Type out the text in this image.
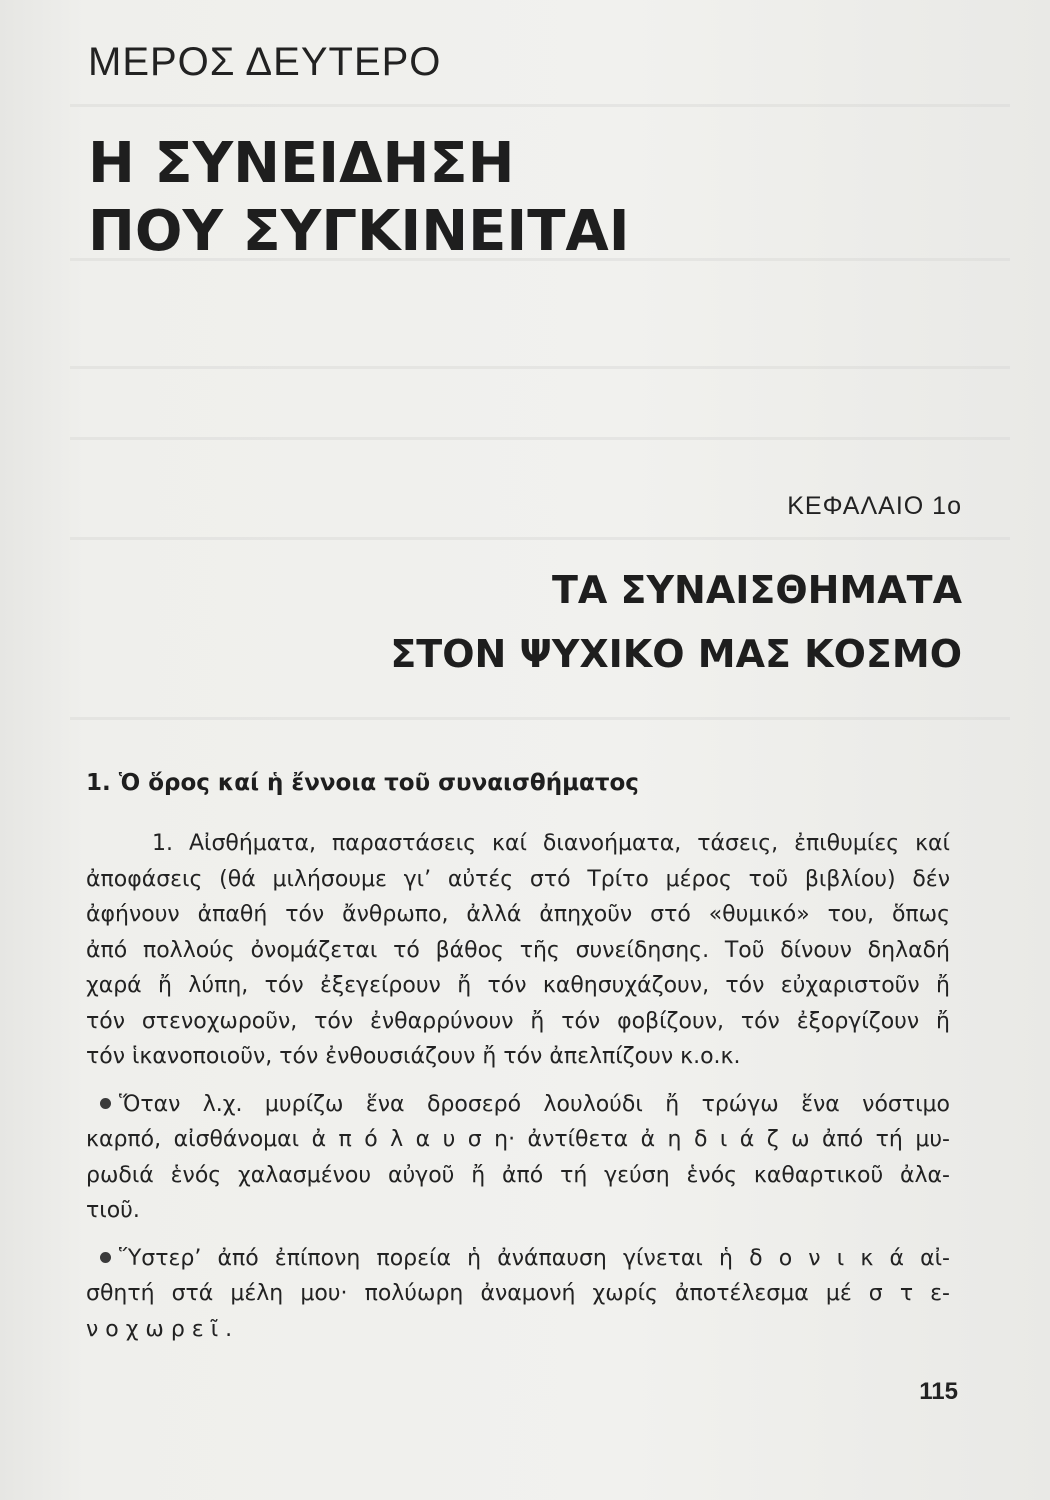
ΜΕΡΟΣ ΔΕΥΤΕΡΟ
Η ΣΥΝΕΙΔΗΣΗ
ΠΟΥ ΣΥΓΚΙΝΕΙΤΑΙ
ΚΕΦΑΛΑΙΟ 1ο
ΤΑ ΣΥΝΑΙΣΘΗΜΑΤΑ
ΣΤΟΝ ΨΥΧΙΚΟ ΜΑΣ ΚΟΣΜΟ
1. Ὁ ὅρος καί ἡ ἔννοια τοῦ συναισθήματος
1. Αἰσθήματα, παραστάσεις καί διανοήματα, τάσεις, ἐπιθυμίες καί
ἀποφάσεις (θά μιλήσουμε γι’ αὐτές στό Τρίτο μέρος τοῦ βιβλίου) δέν
ἀφήνουν ἀπαθή τόν ἄνθρωπο, ἀλλά ἀπηχοῦν στό «θυμικό» του, ὅπως
ἀπό πολλούς ὀνομάζεται τό βάθος τῆς συνείδησης. Τοῦ δίνουν δηλαδή
χαρά ἤ λύπη, τόν ἐξεγείρουν ἤ τόν καθησυχάζουν, τόν εὐχαριστοῦν ἤ
τόν στενοχωροῦν, τόν ἐνθαρρύνουν ἤ τόν φοβίζουν, τόν ἐξοργίζουν ἤ
τόν ἱκανοποιοῦν, τόν ἐνθουσιάζουν ἤ τόν ἀπελπίζουν κ.ο.κ.
Ὅταν λ.χ. μυρίζω ἕνα δροσερό λουλούδι ἤ τρώγω ἕνα νόστιμο
καρπό, αἰσθάνομαι ἀ π ό λ α υ σ η· ἀντίθετα ἀ η δ ι ά ζ ω ἀπό τή μυ-
ρωδιά ἑνός χαλασμένου αὐγοῦ ἤ ἀπό τή γεύση ἑνός καθαρτικοῦ ἀλα-
τιοῦ.
Ὕστερ’ ἀπό ἐπίπονη πορεία ἡ ἀνάπαυση γίνεται ἡ δ ο ν ι κ ά αἰ-
σθητή στά μέλη μου· πολύωρη ἀναμονή χωρίς ἀποτέλεσμα μέ σ τ ε-
ν ο χ ω ρ ε ῖ .
115
